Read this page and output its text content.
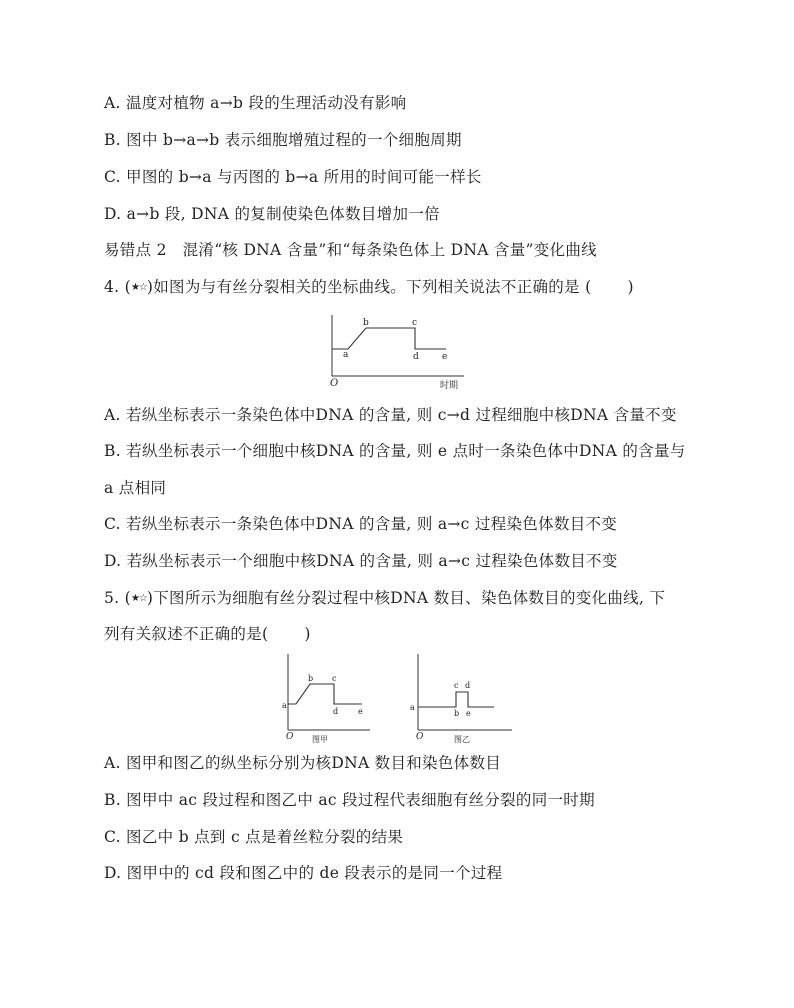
A. 温度对植物 a→b 段的生理活动没有影响
B. 图中 b→a→b 表示细胞增殖过程的一个细胞周期
C. 甲图的 b→a 与丙图的 b→a 所用的时间可能一样长
D. a→b 段, DNA 的复制使染色体数目增加一倍
易错点 2　混淆“核 DNA 含量”和“每条染色体上 DNA 含量”变化曲线
4. (★☆)如图为与有丝分裂相关的坐标曲线。下列相关说法不正确的是 ( )
O	时期
a
b	c
d	e
A. 若纵坐标表示一条染色体中DNA 的含量, 则 c→d 过程细胞中核DNA 含量不变
B. 若纵坐标表示一个细胞中核DNA 的含量, 则 e 点时一条染色体中DNA 的含量与
a 点相同
C. 若纵坐标表示一条染色体中DNA 的含量, 则 a→c 过程染色体数目不变
D. 若纵坐标表示一个细胞中核DNA 的含量, 则 a→c 过程染色体数目不变
5. (★☆)下图所示为细胞有丝分裂过程中核DNA 数目、染色体数目的变化曲线, 下
列有关叙述不正确的是( )
O
a
b c
d e
图甲	O
a
b
c d
e
图乙
A. 图甲和图乙的纵坐标分别为核DNA 数目和染色体数目
B. 图甲中 ac 段过程和图乙中 ac 段过程代表细胞有丝分裂的同一时期
C. 图乙中 b 点到 c 点是着丝粒分裂的结果
D. 图甲中的 cd 段和图乙中的 de 段表示的是同一个过程
